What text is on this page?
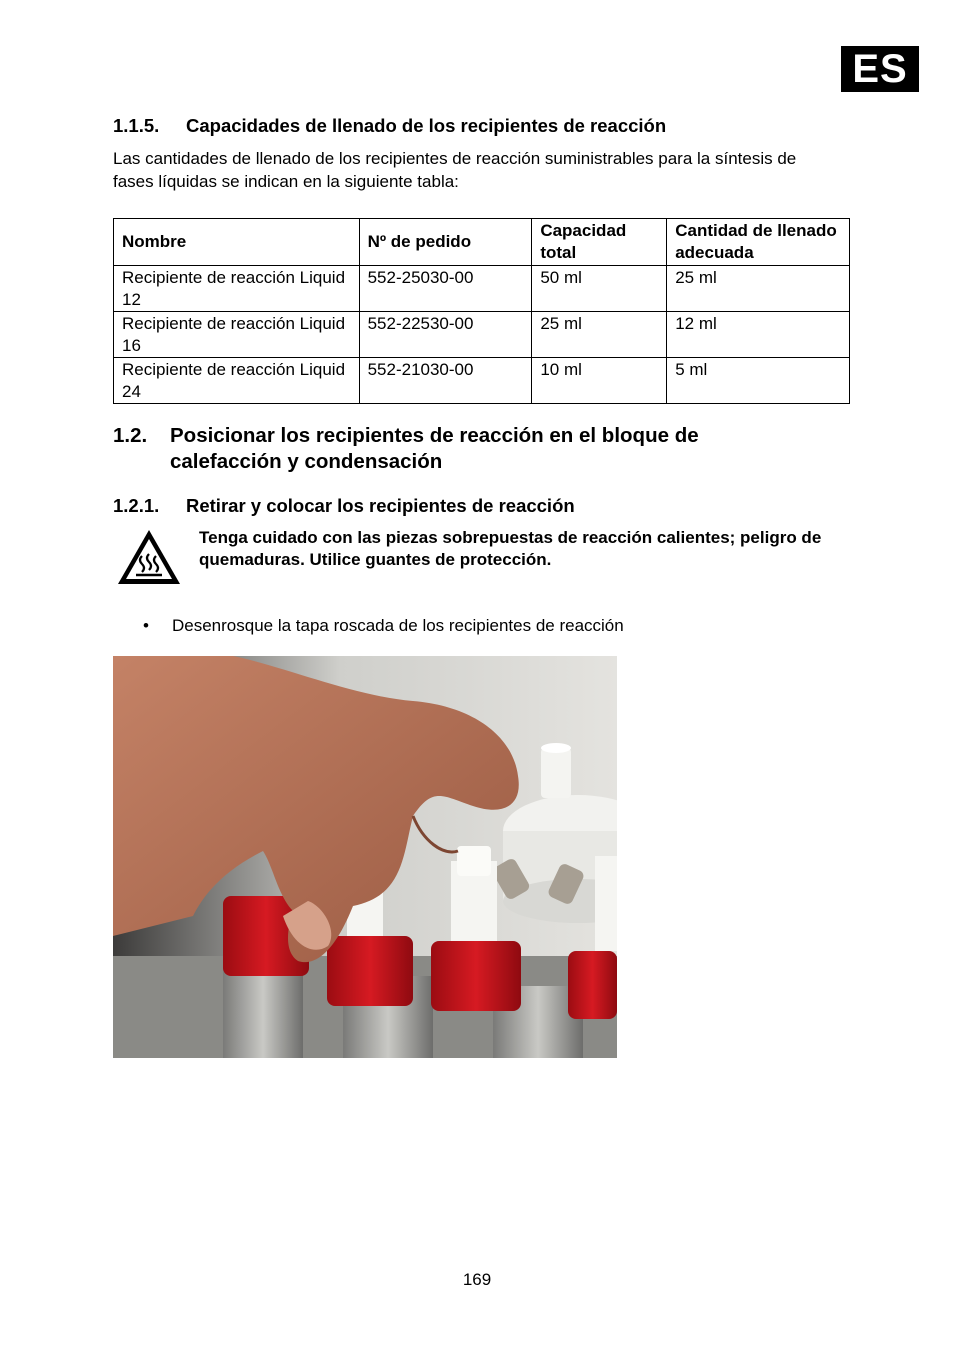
ES
1.1.5. Capacidades de llenado de los recipientes de reacción
Las cantidades de llenado de los recipientes de reacción suministrables para la síntesis de fases líquidas se indican en la siguiente tabla:
Nombre	Nº de pedido	Capacidad total	Cantidad de llenado adecuada
Recipiente de reacción Liquid 12	552-25030-00	50 ml	25 ml
Recipiente de reacción Liquid 16	552-22530-00	25 ml	12 ml
Recipiente de reacción Liquid 24	552-21030-00	10 ml	5 ml
1.2. Posicionar los recipientes de reacción en el bloque de calefacción y condensación
1.2.1. Retirar y colocar los recipientes de reacción
Tenga cuidado con las piezas sobrepuestas de reacción calientes; peligro de quemaduras. Utilice guantes de protección.
• Desenrosque la tapa roscada de los recipientes de reacción
169
